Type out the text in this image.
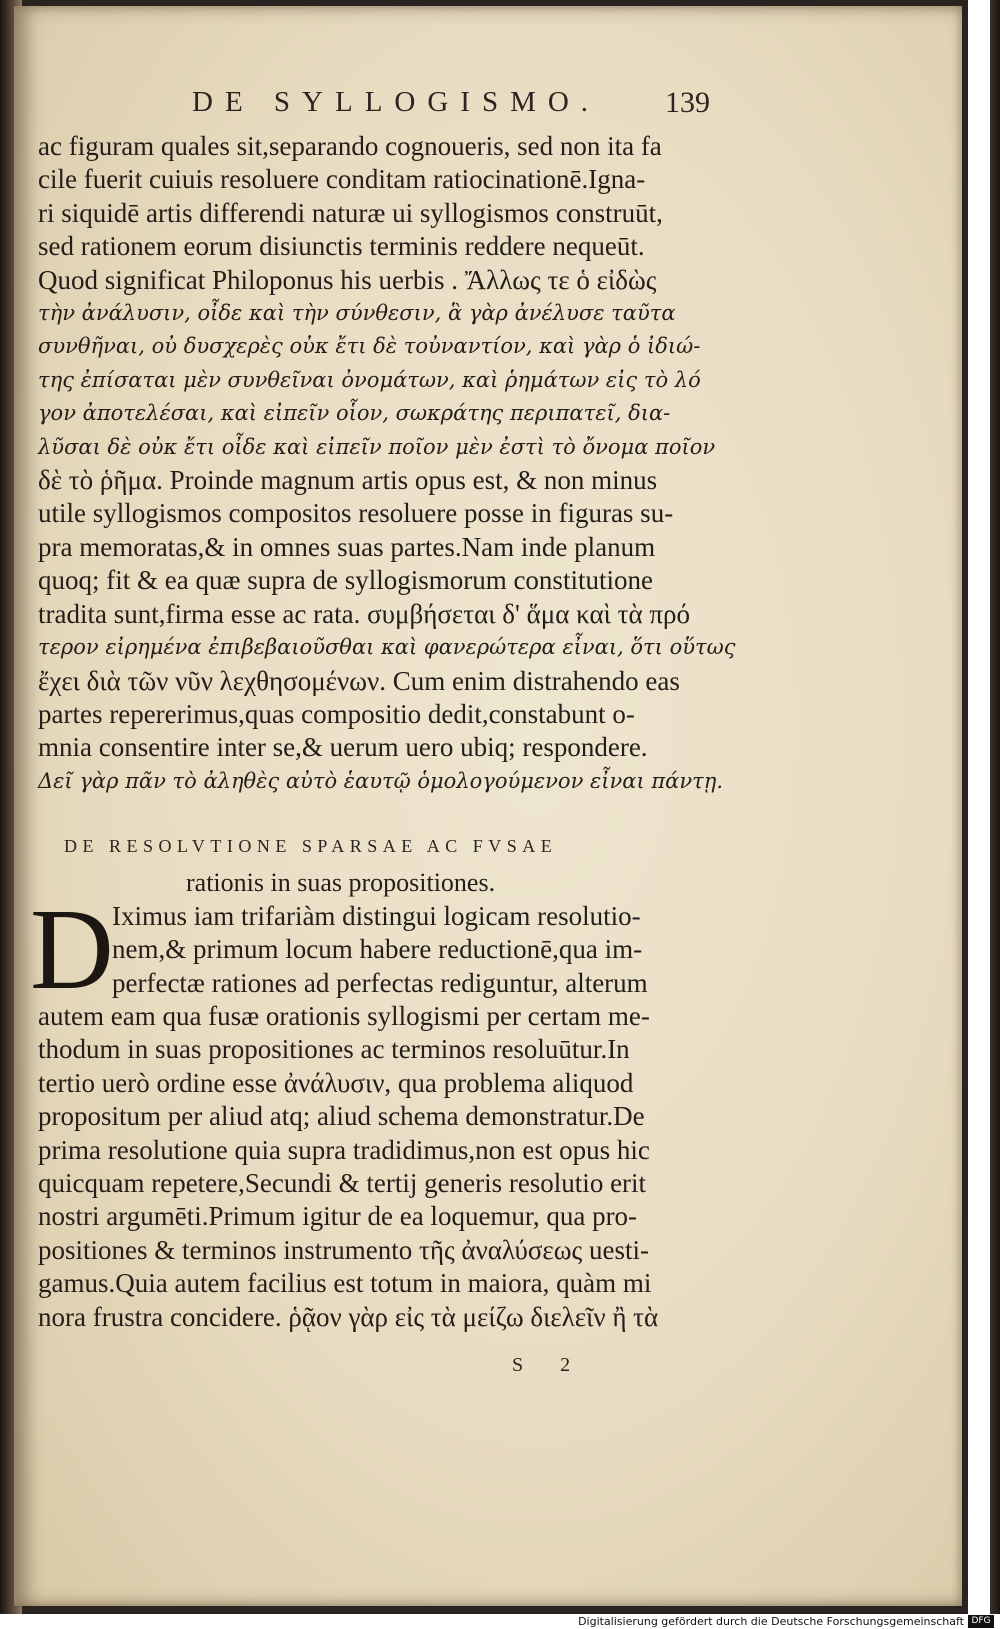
DE SYLLOGISMO.	139
ac figuram quales sit,separando cognoueris, sed non ita fa
cile fuerit cuiuis resoluere conditam ratiocinationē.Igna-
ri siquidē artis differendi naturæ ui syllogismos construūt,
sed rationem eorum disiunctis terminis reddere nequeūt.
Quod significat Philoponus his uerbis . Ἄλλως τε ὁ εἰδὼς
τὴν ἀνάλυσιν, οἶδε καὶ τὴν σύνθεσιν, ἃ γὰρ ἀνέλυσε ταῦτα
συνθῆναι, οὐ δυσχερὲς οὐκ ἔτι δὲ τοὐναντίον, καὶ γὰρ ὁ ἰδιώ-
της ἐπίσαται μὲν συνθεῖναι ὀνομάτων, καὶ ῥημάτων εἰς τὸ λό
γον ἀποτελέσαι, καὶ εἰπεῖν οἷον, σωκράτης περιπατεῖ, δια-
λῦσαι δὲ οὐκ ἔτι οἶδε καὶ εἰπεῖν ποῖον μὲν ἐστὶ τὸ ὄνομα ποῖον
δὲ τὸ ῥῆμα. Proinde magnum artis opus est, & non minus
utile syllogismos compositos resoluere posse in figuras su-
pra memoratas,& in omnes suas partes.Nam inde planum
quoq; fit & ea quæ supra de syllogismorum constitutione
tradita sunt,firma esse ac rata. συμβήσεται δ' ἅμα καὶ τὰ πρό
τερον εἰρημένα ἐπιβεβαιοῦσθαι καὶ φανερώτερα εἶναι, ὅτι οὕτως
ἔχει διὰ τῶν νῦν λεχθησομένων. Cum enim distrahendo eas
partes repererimus,quas compositio dedit,constabunt o-
mnia consentire inter se,& uerum uero ubiq; respondere.
Δεῖ γὰρ πᾶν τὸ ἀληθὲς αὐτὸ ἑαυτῷ ὁμολογούμενον εἶναι πάντῃ.
DE RESOLVTIONE SPARSAE AC FVSAE
rationis in suas propositiones.
D
Iximus iam trifariàm distingui logicam resolutio-
nem,& primum locum habere reductionē,qua im-
perfectæ rationes ad perfectas rediguntur, alterum
autem eam qua fusæ orationis syllogismi per certam me-
thodum in suas propositiones ac terminos resoluūtur.In
tertio uerò ordine esse ἀνάλυσιν, qua problema aliquod
propositum per aliud atq; aliud schema demonstratur.De
prima resolutione quia supra tradidimus,non est opus hic
quicquam repetere,Secundi & tertij generis resolutio erit
nostri argumēti.Primum igitur de ea loquemur, qua pro-
positiones & terminos instrumento τῆς ἀναλύσεως uesti-
gamus.Quia autem facilius est totum in maiora, quàm mi
nora frustra concidere. ῥᾷον γὰρ εἰς τὰ μείζω διελεῖν ἢ τὰ
S 2
Digitalisierung gefördert durch die Deutsche Forschungsgemeinschaft DFG
